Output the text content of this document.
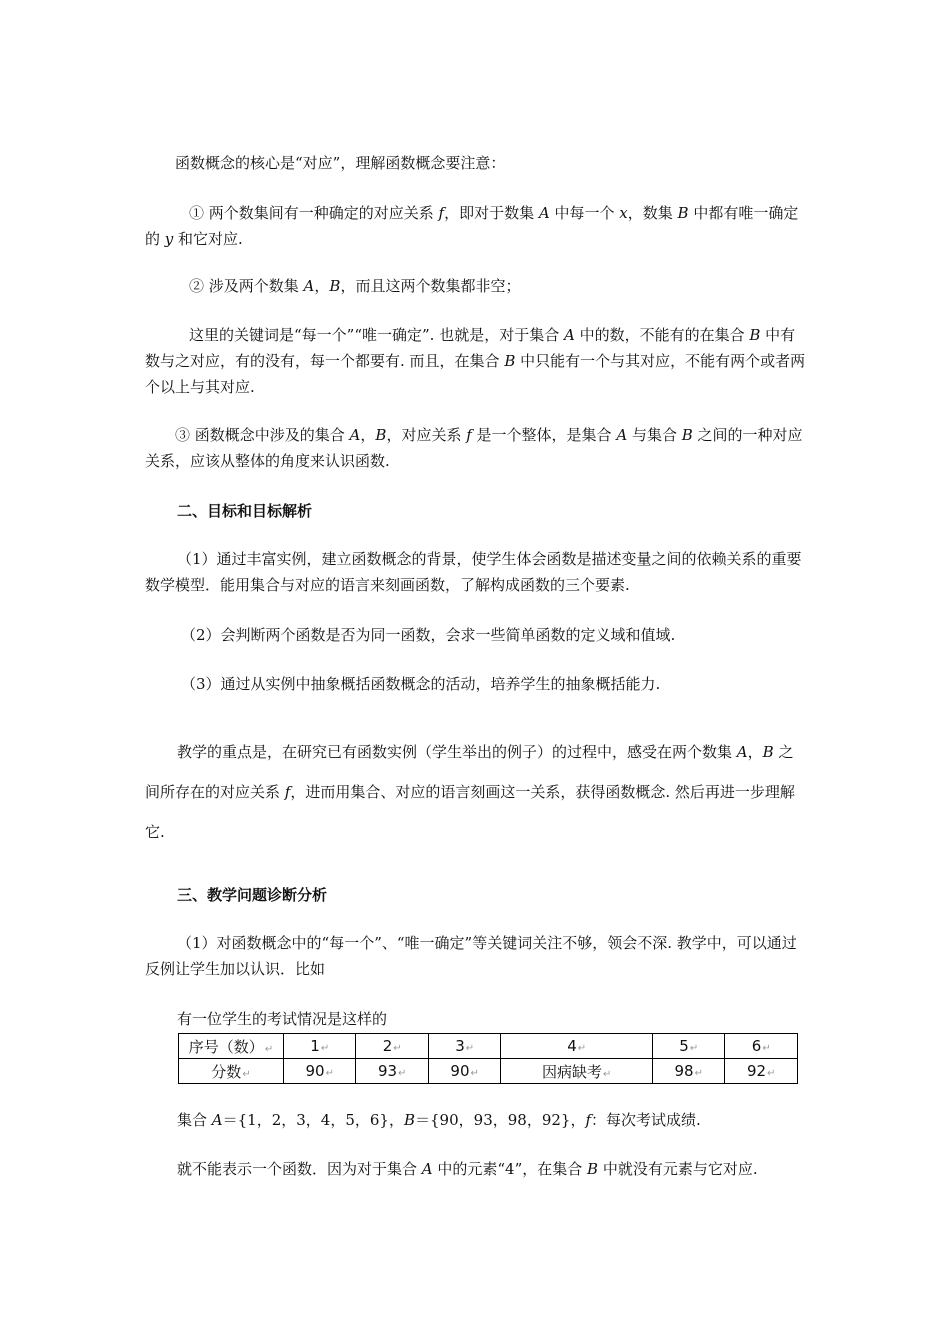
函数概念的核心是“对应”，理解函数概念要注意：

① 两个数集间有一种确定的对应关系 f，即对于数集 A 中每一个 x，数集 B 中都有唯一确定的 y 和它对应.

② 涉及两个数集 A，B，而且这两个数集都非空；

这里的关键词是“每一个”“唯一确定”. 也就是，对于集合 A 中的数，不能有的在集合 B 中有数与之对应，有的没有，每一个都要有. 而且，在集合 B 中只能有一个与其对应，不能有两个或者两个以上与其对应.

③ 函数概念中涉及的集合 A，B，对应关系 f 是一个整体，是集合 A 与集合 B 之间的一种对应关系，应该从整体的角度来认识函数.

二、目标和目标解析

（1）通过丰富实例，建立函数概念的背景，使学生体会函数是描述变量之间的依赖关系的重要数学模型．能用集合与对应的语言来刻画函数，了解构成函数的三个要素.

（2）会判断两个函数是否为同一函数，会求一些简单函数的定义域和值域.

（3）通过从实例中抽象概括函数概念的活动，培养学生的抽象概括能力.

教学的重点是，在研究已有函数实例（学生举出的例子）的过程中，感受在两个数集 A，B 之间所存在的对应关系 f，进而用集合、对应的语言刻画这一关系，获得函数概念. 然后再进一步理解它.

三、教学问题诊断分析

（1）对函数概念中的“每一个”、“唯一确定”等关键词关注不够，领会不深. 教学中，可以通过反例让学生加以认识．比如

有一位学生的考试情况是这样的

序号（数）↵	1↵	2↵	3↵	4↵	5↵	6↵
分数↵	90↵	93↵	90↵	因病缺考↵	98↵	92↵

集合 A＝{1，2，3，4，5，6}，B＝{90，93，98，92}，f：每次考试成绩.

就不能表示一个函数．因为对于集合 A 中的元素“4”，在集合 B 中就没有元素与它对应.
